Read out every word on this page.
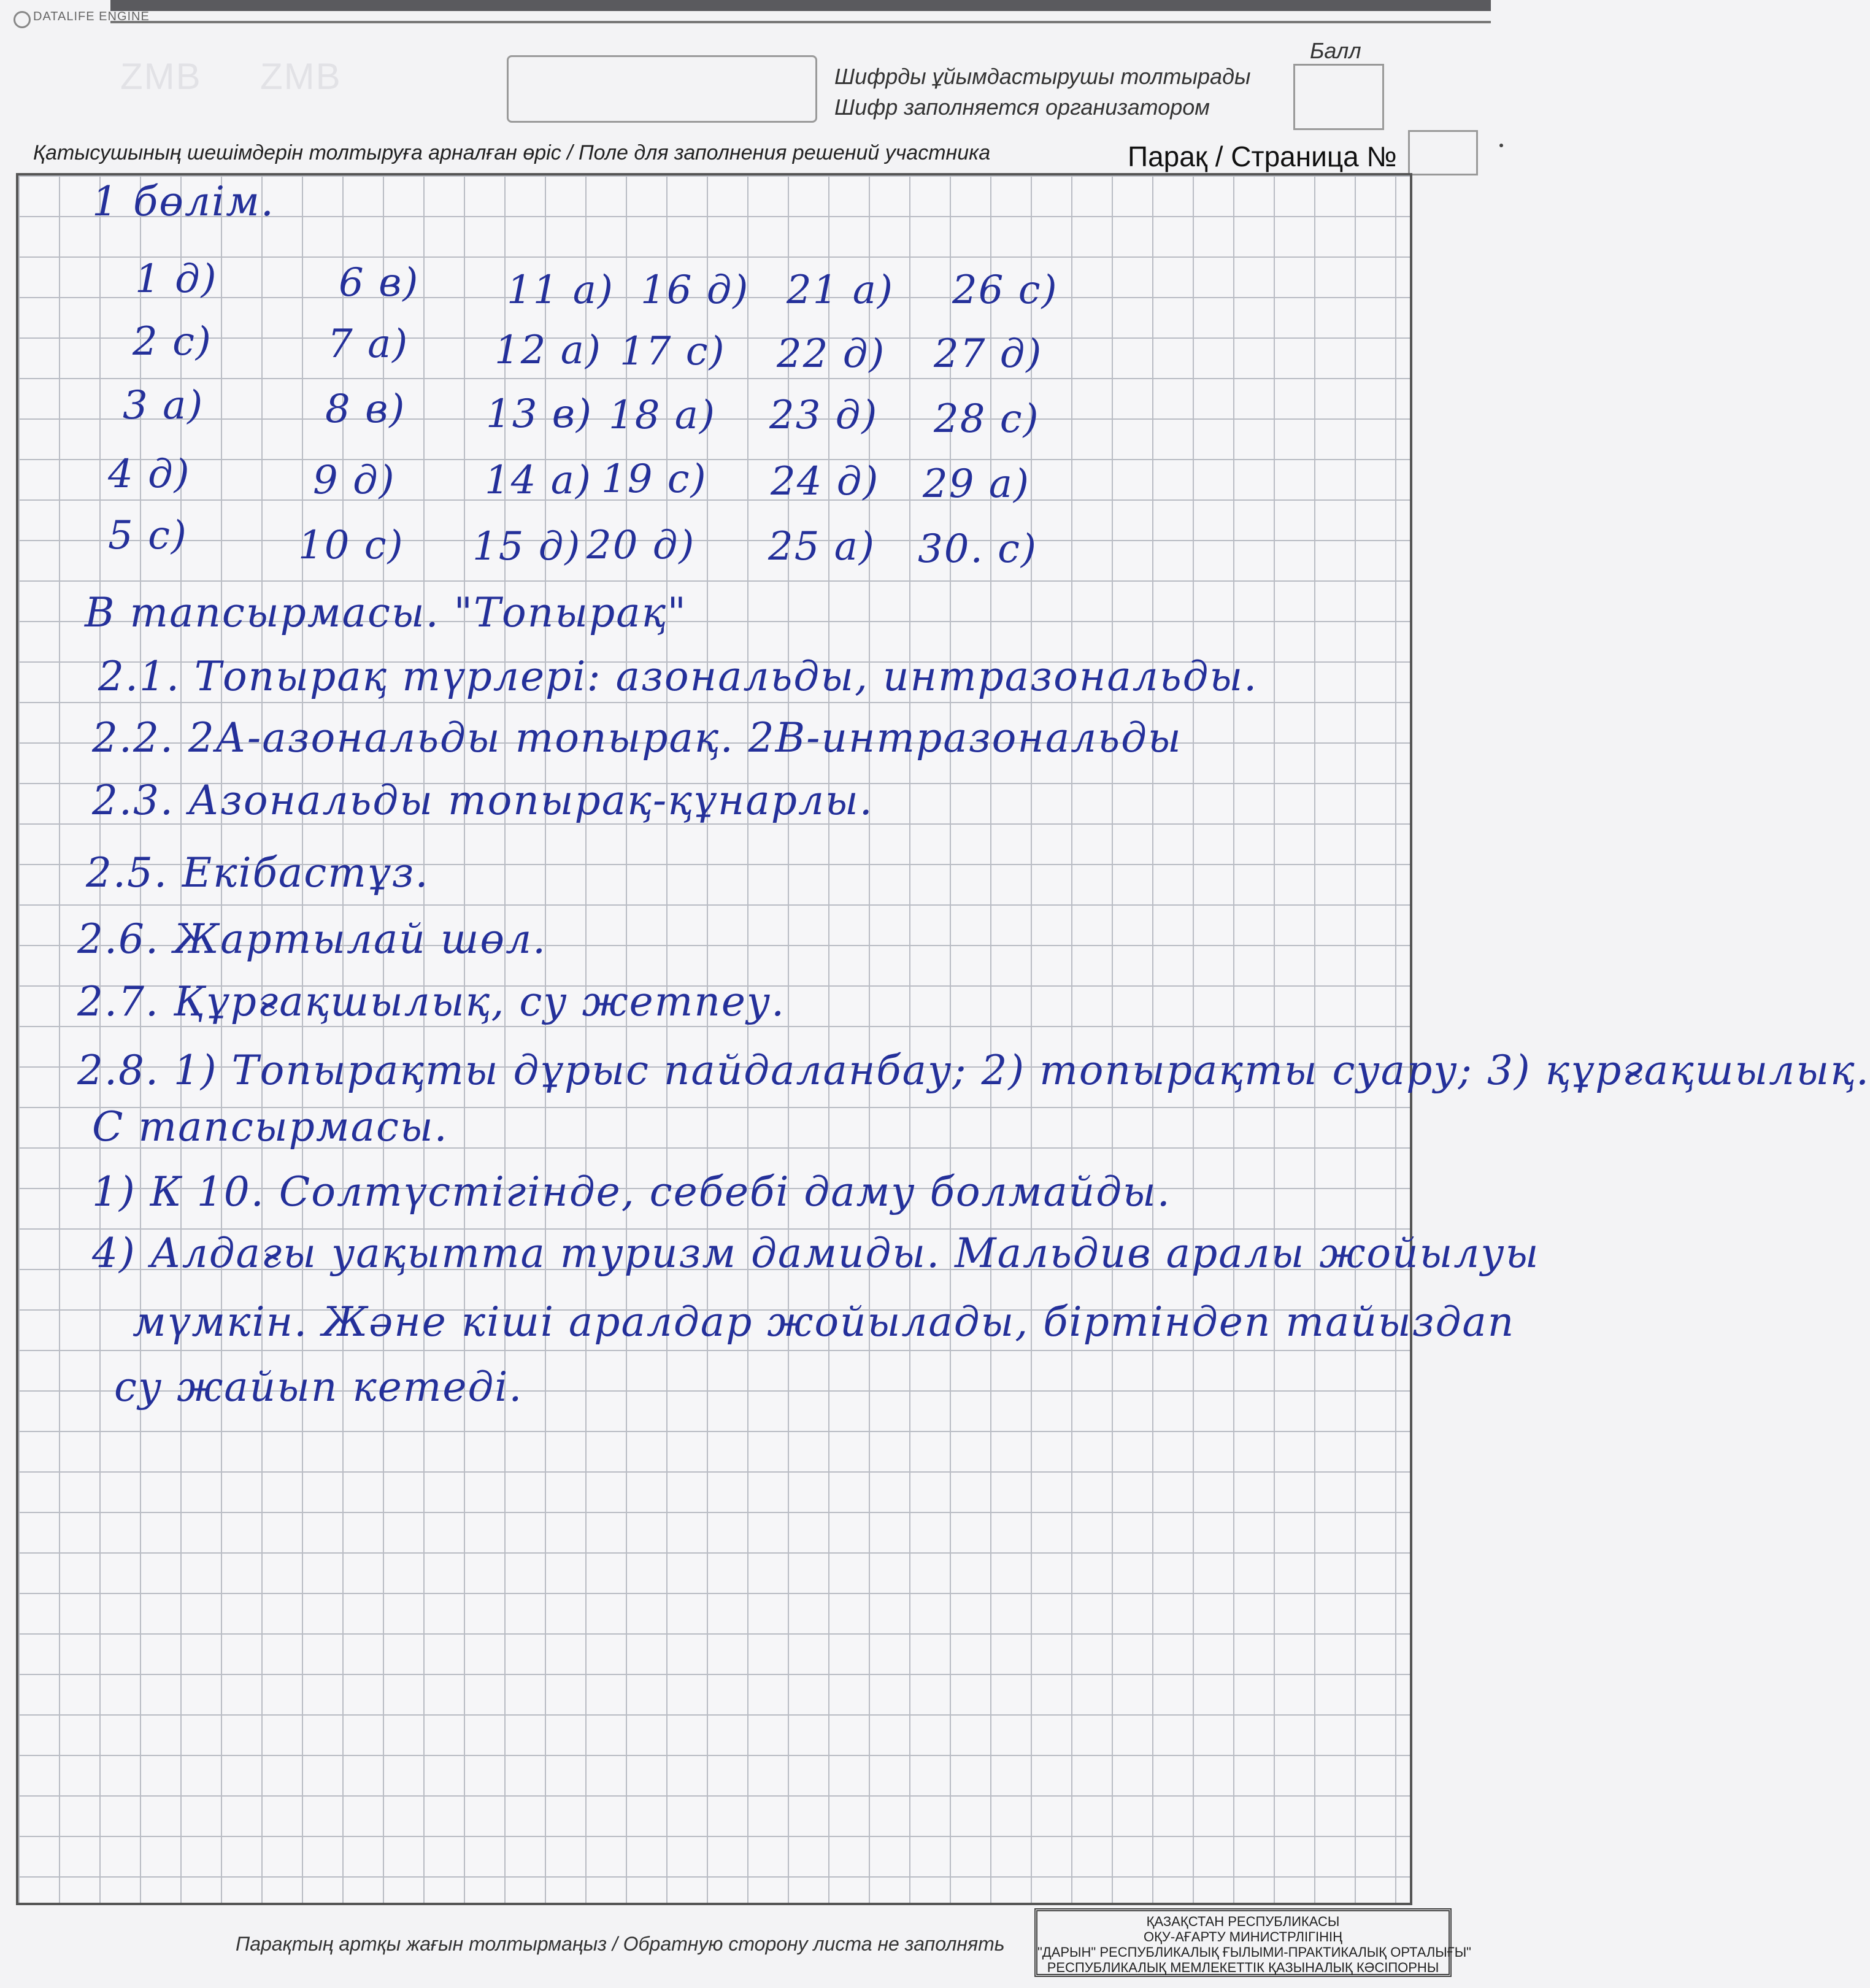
DATALIFE ENGINE
ZMB ZMB	Шифрды ұйымдастырушы толтырады
Шифр заполняется организатором
Балл
Қатысушының шешімдерін толтыруға арналған өріс / Поле для заполнения решений участника	Парақ / Страница №
1 бөлім.
1 д)
2 с)
3 а)
4 д)
5 с)
6 в)
7 а)
8 в)
9 д)
10 с)
11 а)
12 а)
13 в)
14 а)
15 д)
16 д)
17 с)
18 а)
19 с)
20 д)
21 а)
22 д)
23 д)
24 д)
25 а)
26 с)
27 д)
28 с)
29 а)
30. с)
В тапсырмасы. "Топырақ"
2.1. Топырақ түрлері: азональды, интразональды.
2.2. 2А-азональды топырақ. 2В-интразональды
2.3. Азональды топырақ-құнарлы.
2.5. Екібастұз.
2.6. Жартылай шөл.
2.7. Құрғақшылық, су жетпеу.
2.8. 1) Топырақты дұрыс пайдаланбау; 2) топырақты суару; 3) құрғақшылық.
С тапсырмасы.
1) К 10. Солтүстігінде, себебі даму болмайды.
4) Алдағы уақытта туризм дамиды. Мальдив аралы жойылуы
мүмкін. Және кіші аралдар жойылады, біртіндеп тайыздап
су жайып кетеді.
Парақтың артқы жағын толтырмаңыз / Обратную сторону листа не заполнять
ҚАЗАҚСТАН РЕСПУБЛИКАСЫ
ОҚУ-АҒАРТУ МИНИСТРЛІГІНІҢ
"ДАРЫН" РЕСПУБЛИКАЛЫҚ ҒЫЛЫМИ-ПРАКТИКАЛЫҚ ОРТАЛЫҒЫ"
РЕСПУБЛИКАЛЫҚ МЕМЛЕКЕТТІК ҚАЗЫНАЛЫҚ КӘСІПОРНЫ
